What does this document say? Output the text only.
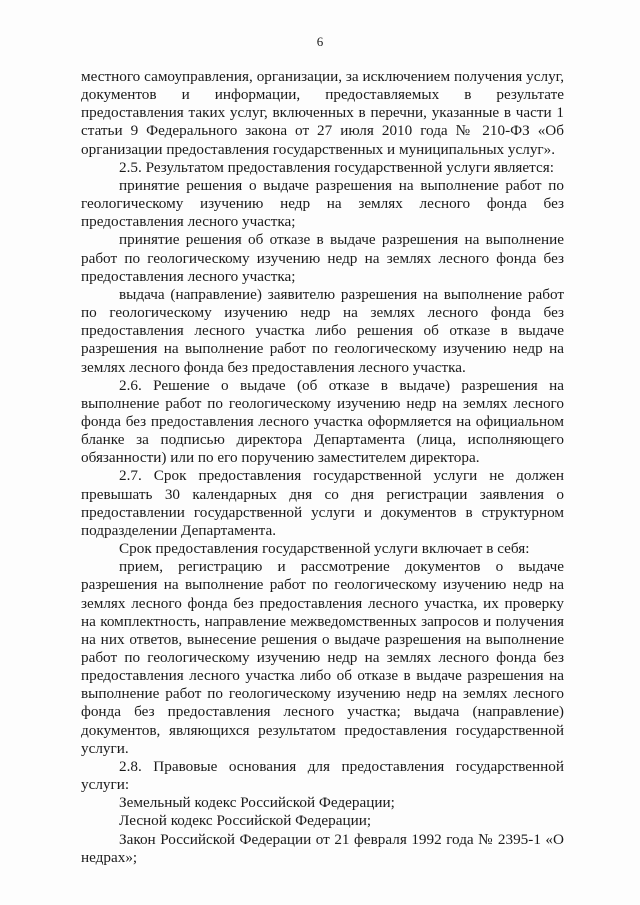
6

местного самоуправления, организации, за исключением получения услуг, документов и информации, предоставляемых в результате предоставления таких услуг, включенных в перечни, указанные в части 1 статьи 9 Федерального закона от 27 июля 2010 года № 210-ФЗ «Об организации предоставления государственных и муниципальных услуг».

2.5. Результатом предоставления государственной услуги является:

принятие решения о выдаче разрешения на выполнение работ по геологическому изучению недр на землях лесного фонда без предоставления лесного участка;

принятие решения об отказе в выдаче разрешения на выполнение работ по геологическому изучению недр на землях лесного фонда без предоставления лесного участка;

выдача (направление) заявителю разрешения на выполнение работ по геологическому изучению недр на землях лесного фонда без предоставления лесного участка либо решения об отказе в выдаче разрешения на выполнение работ по геологическому изучению недр на землях лесного фонда без предоставления лесного участка.

2.6. Решение о выдаче (об отказе в выдаче) разрешения на выполнение работ по геологическому изучению недр на землях лесного фонда без предоставления лесного участка оформляется на официальном бланке за подписью директора Департамента (лица, исполняющего обязанности) или по его поручению заместителем директора.

2.7. Срок предоставления государственной услуги не должен превышать 30 календарных дня со дня регистрации заявления о предоставлении государственной услуги и документов в структурном подразделении Департамента.

Срок предоставления государственной услуги включает в себя:

прием, регистрацию и рассмотрение документов о выдаче разрешения на выполнение работ по геологическому изучению недр на землях лесного фонда без предоставления лесного участка, их проверку на комплектность, направление межведомственных запросов и получения на них ответов, вынесение решения о выдаче разрешения на выполнение работ по геологическому изучению недр на землях лесного фонда без предоставления лесного участка либо об отказе в выдаче разрешения на выполнение работ по геологическому изучению недр на землях лесного фонда без предоставления лесного участка; выдача (направление) документов, являющихся результатом предоставления государственной услуги.

2.8. Правовые основания для предоставления государственной услуги:

Земельный кодекс Российской Федерации;

Лесной кодекс Российской Федерации;

Закон Российской Федерации от 21 февраля 1992 года № 2395-1 «О недрах»;
